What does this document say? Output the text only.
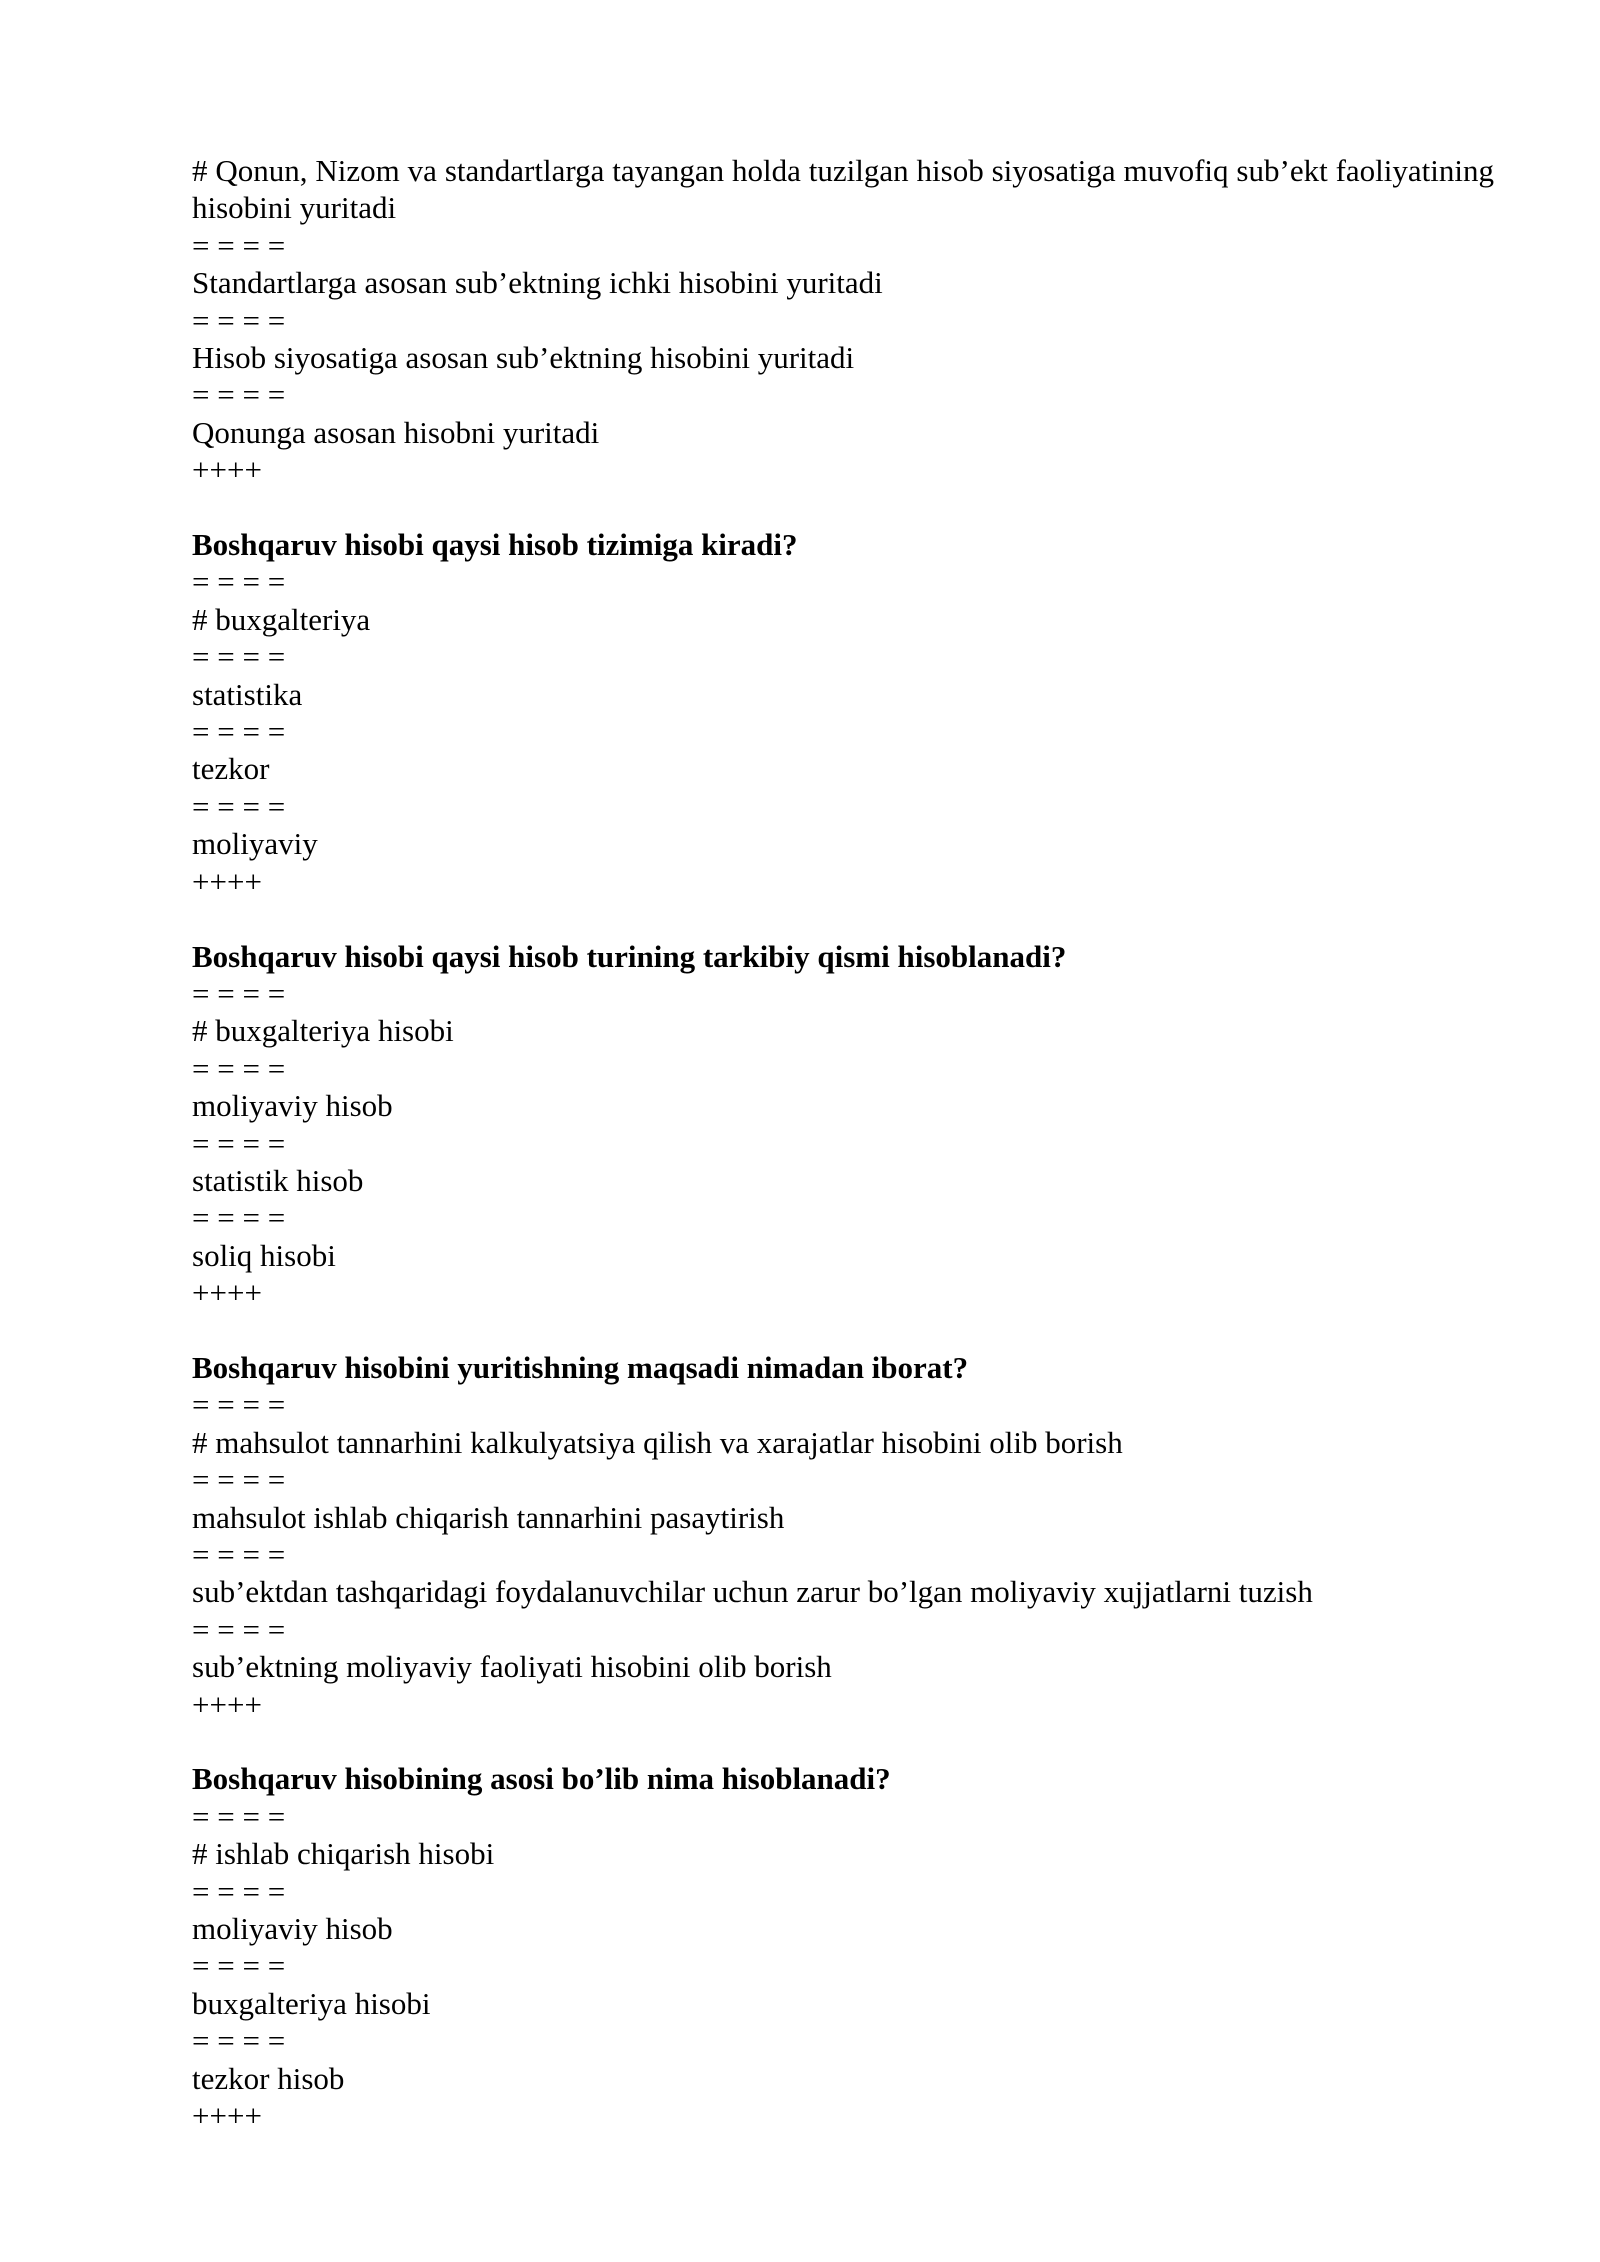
# Qonun, Nizom va standartlarga tayangan holda tuzilgan hisob siyosatiga muvofiq sub’ekt faoliyatining hisobini yuritadi
= = = =
Standartlarga asosan sub’ektning ichki hisobini yuritadi
= = = =
Hisob siyosatiga asosan sub’ektning hisobini yuritadi
= = = =
Qonunga asosan hisobni yuritadi
++++
Boshqaruv hisobi qaysi hisob tizimiga kiradi?
= = = =
# buxgalteriya
= = = =
statistika
= = = =
tezkor
= = = =
moliyaviy
++++
Boshqaruv hisobi qaysi hisob turining tarkibiy qismi hisoblanadi?
= = = =
# buxgalteriya hisobi
= = = =
moliyaviy hisob
= = = =
statistik hisob
= = = =
soliq hisobi
++++
Boshqaruv hisobini yuritishning maqsadi nimadan iborat?
= = = =
# mahsulot tannarhini kalkulyatsiya qilish va xarajatlar hisobini olib borish
= = = =
mahsulot ishlab chiqarish tannarhini pasaytirish
= = = =
sub’ektdan tashqaridagi foydalanuvchilar uchun zarur bo’lgan moliyaviy xujjatlarni tuzish
= = = =
sub’ektning moliyaviy faoliyati hisobini olib borish
++++
Boshqaruv hisobining asosi bo’lib nima hisoblanadi?
= = = =
# ishlab chiqarish hisobi
= = = =
moliyaviy hisob
= = = =
buxgalteriya hisobi
= = = =
tezkor hisob
++++
